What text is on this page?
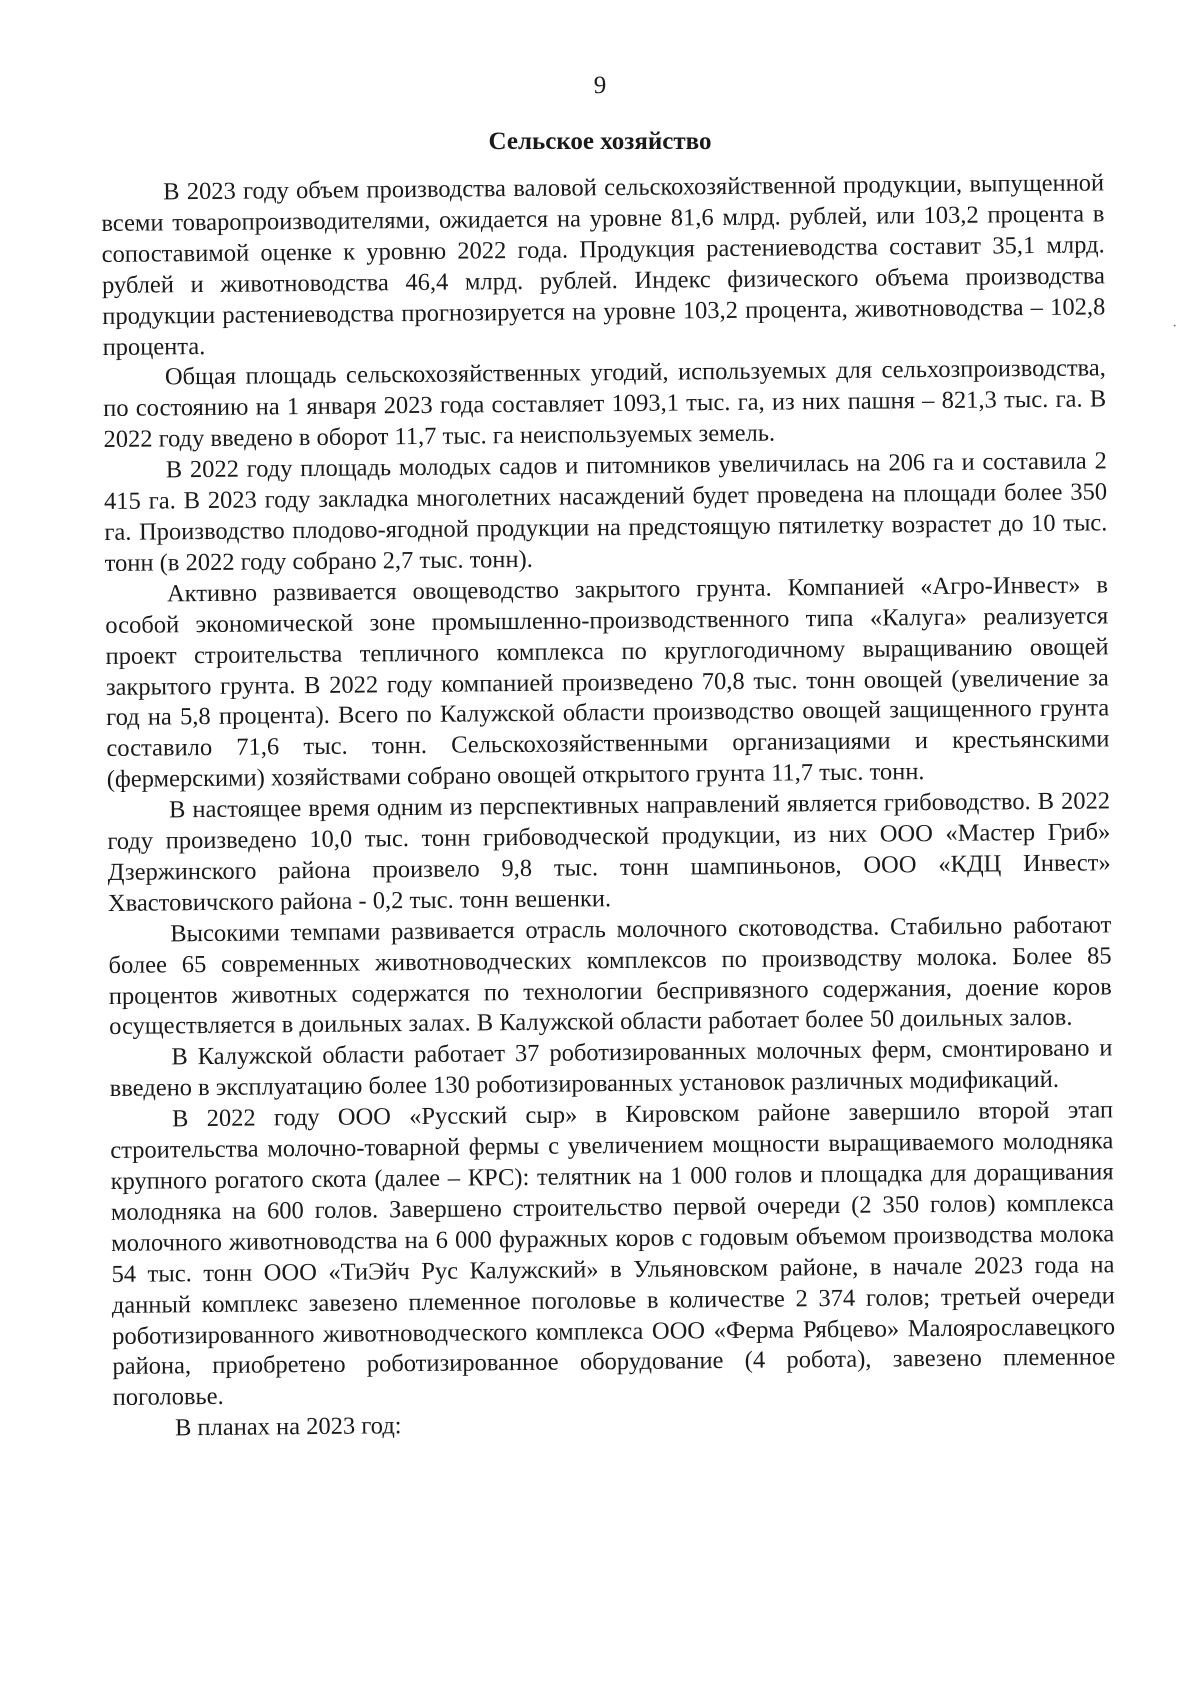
9
Сельское хозяйство

В 2023 году объем производства валовой сельскохозяйственной продукции, выпущенной всеми товаропроизводителями, ожидается на уровне 81,6 млрд. рублей, или 103,2 процента в сопоставимой оценке к уровню 2022 года. Продукция растениеводства составит 35,1 млрд. рублей и животноводства 46,4 млрд. рублей. Индекс физического объема производства продукции растениеводства прогнозируется на уровне 103,2 процента, животноводства – 102,8 процента.

Общая площадь сельскохозяйственных угодий, используемых для сельхозпроизводства, по состоянию на 1 января 2023 года составляет 1093,1 тыс. га, из них пашня – 821,3 тыс. га. В 2022 году введено в оборот 11,7 тыс. га неиспользуемых земель.

В 2022 году площадь молодых садов и питомников увеличилась на 206 га и составила 2 415 га. В 2023 году закладка многолетних насаждений будет проведена на площади более 350 га. Производство плодово-ягодной продукции на предстоящую пятилетку возрастет до 10 тыс. тонн (в 2022 году собрано 2,7 тыс. тонн).

Активно развивается овощеводство закрытого грунта. Компанией «Агро-Инвест» в особой экономической зоне промышленно-производственного типа «Калуга» реализуется проект строительства тепличного комплекса по круглогодичному выращиванию овощей закрытого грунта. В 2022 году компанией произведено 70,8 тыс. тонн овощей (увеличение за год на 5,8 процента). Всего по Калужской области производство овощей защищенного грунта составило 71,6 тыс. тонн. Сельскохозяйственными организациями и крестьянскими (фермерскими) хозяйствами собрано овощей открытого грунта 11,7 тыс. тонн.

В настоящее время одним из перспективных направлений является грибоводство. В 2022 году произведено 10,0 тыс. тонн грибоводческой продукции, из них ООО «Мастер Гриб» Дзержинского района произвело 9,8 тыс. тонн шампиньонов, ООО «КДЦ Инвест» Хвастовичского района - 0,2 тыс. тонн вешенки.

Высокими темпами развивается отрасль молочного скотоводства. Стабильно работают более 65 современных животноводческих комплексов по производству молока. Более 85 процентов животных содержатся по технологии беспривязного содержания, доение коров осуществляется в доильных залах. В Калужской области работает более 50 доильных залов.

В Калужской области работает 37 роботизированных молочных ферм, смонтировано и введено в эксплуатацию более 130 роботизированных установок различных модификаций.

В 2022 году ООО «Русский сыр» в Кировском районе завершило второй этап строительства молочно-товарной фермы с увеличением мощности выращиваемого молодняка крупного рогатого скота (далее – КРС): телятник на 1 000 голов и площадка для доращивания молодняка на 600 голов. Завершено строительство первой очереди (2 350 голов) комплекса молочного животноводства на 6 000 фуражных коров с годовым объемом производства молока 54 тыс. тонн ООО «ТиЭйч Рус Калужский» в Ульяновском районе, в начале 2023 года на данный комплекс завезено племенное поголовье в количестве 2 374 голов; третьей очереди роботизированного животноводческого комплекса ООО «Ферма Рябцево» Малоярославецкого района, приобретено роботизированное оборудование (4 робота), завезено племенное поголовье.

В планах на 2023 год:

·
